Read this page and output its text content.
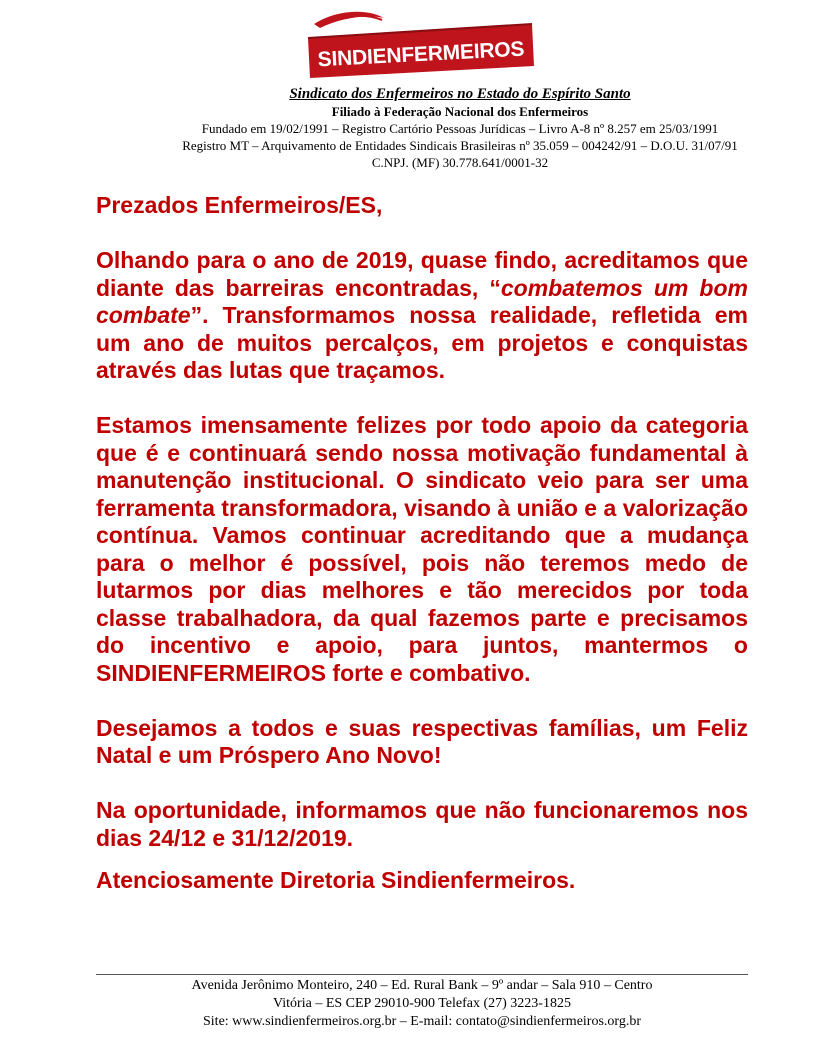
SINDIENFERMEIROS
Sindicato dos Enfermeiros no Estado do Espírito Santo
Filiado à Federação Nacional dos Enfermeiros
Fundado em 19/02/1991 – Registro Cartório Pessoas Jurídicas – Livro A-8 nº 8.257 em 25/03/1991
Registro MT – Arquivamento de Entidades Sindicais Brasileiras nº 35.059 – 004242/91 – D.O.U. 31/07/91
C.NPJ. (MF) 30.778.641/0001-32

Prezados Enfermeiros/ES,

Olhando para o ano de 2019, quase findo, acreditamos que diante das barreiras encontradas, “combatemos um bom combate”. Transformamos nossa realidade, refletida em um ano de muitos percalços, em projetos e conquistas através das lutas que traçamos.

Estamos imensamente felizes por todo apoio da categoria que é e continuará sendo nossa motivação fundamental à manutenção institucional. O sindicato veio para ser uma ferramenta transformadora, visando à união e a valorização contínua. Vamos continuar acreditando que a mudança para o melhor é possível, pois não teremos medo de lutarmos por dias melhores e tão merecidos por toda classe trabalhadora, da qual fazemos parte e precisamos do incentivo e apoio, para juntos, mantermos o SINDIENFERMEIROS forte e combativo.

Desejamos a todos e suas respectivas famílias, um Feliz Natal e um Próspero Ano Novo!

Na oportunidade, informamos que não funcionaremos nos dias 24/12 e 31/12/2019.

Atenciosamente Diretoria Sindienfermeiros.

Avenida Jerônimo Monteiro, 240 – Ed. Rural Bank – 9º andar – Sala 910 – Centro
Vitória – ES CEP 29010-900 Telefax (27) 3223-1825
Site: www.sindienfermeiros.org.br – E-mail: contato@sindienfermeiros.org.br
